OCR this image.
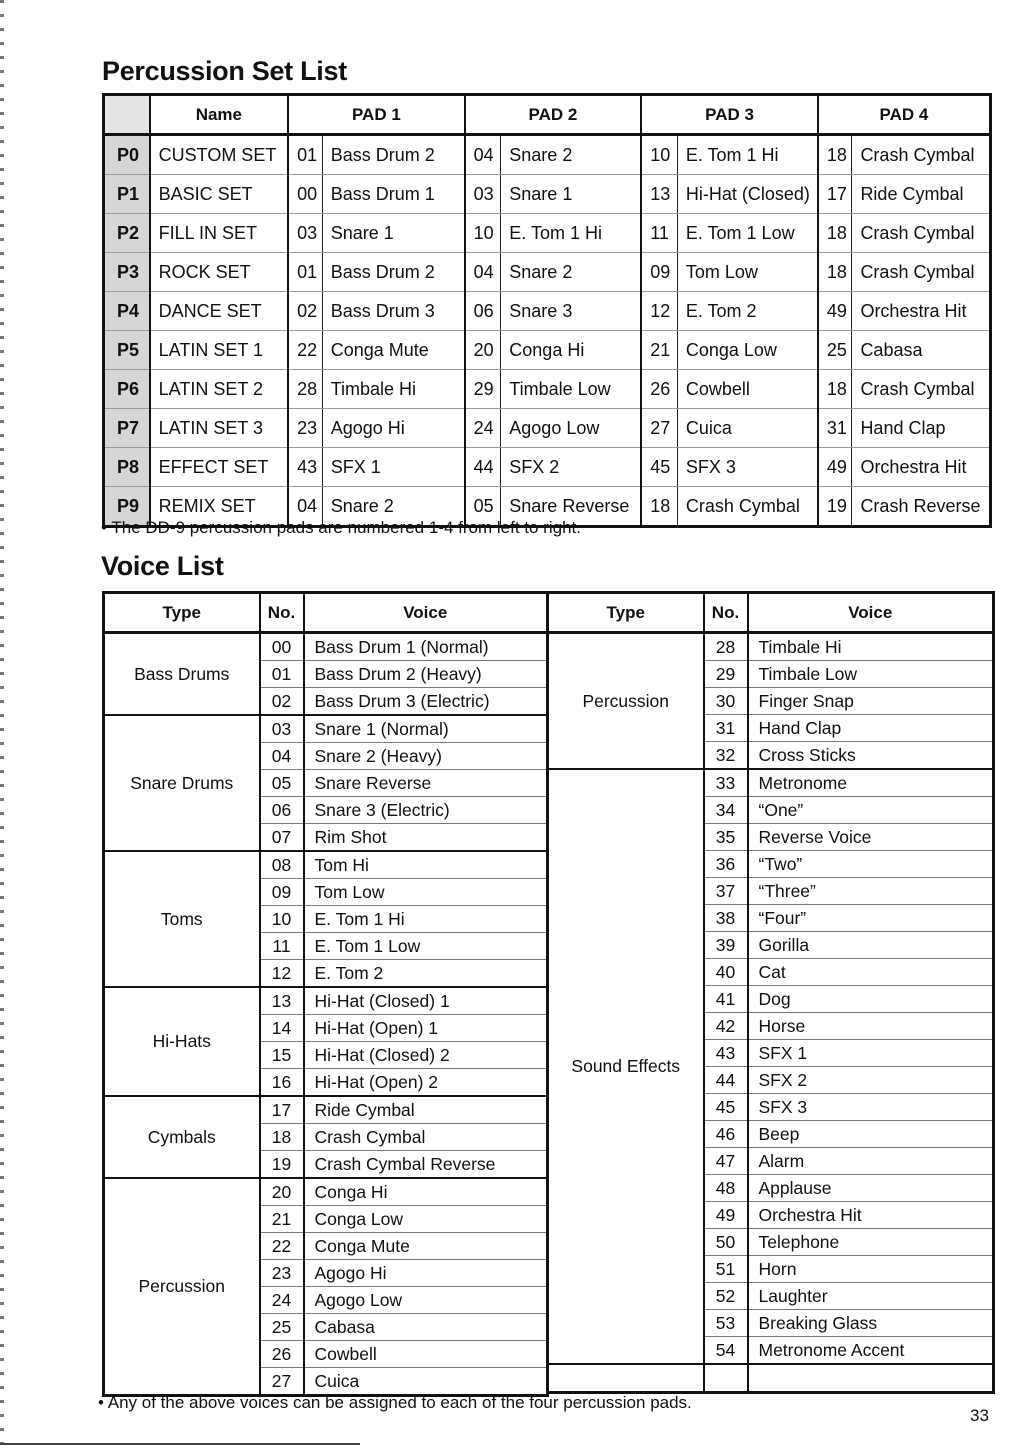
Percussion Set List
	Name	PAD 1		PAD 2		PAD 3		PAD 4	
P0	CUSTOM SET	01	Bass Drum 2	04	Snare 2	10	E. Tom 1 Hi	18	Crash Cymbal
P1	BASIC SET	00	Bass Drum 1	03	Snare 1	13	Hi-Hat (Closed)	17	Ride Cymbal
P2	FILL IN SET	03	Snare 1	10	E. Tom 1 Hi	11	E. Tom 1 Low	18	Crash Cymbal
P3	ROCK SET	01	Bass Drum 2	04	Snare 2	09	Tom Low	18	Crash Cymbal
P4	DANCE SET	02	Bass Drum 3	06	Snare 3	12	E. Tom 2	49	Orchestra Hit
P5	LATIN SET 1	22	Conga Mute	20	Conga Hi	21	Conga Low	25	Cabasa
P6	LATIN SET 2	28	Timbale Hi	29	Timbale Low	26	Cowbell	18	Crash Cymbal
P7	LATIN SET 3	23	Agogo Hi	24	Agogo Low	27	Cuica	31	Hand Clap
P8	EFFECT SET	43	SFX 1	44	SFX 2	45	SFX 3	49	Orchestra Hit
P9	REMIX SET	04	Snare 2	05	Snare Reverse	18	Crash Cymbal	19	Crash Reverse
• The DD-9 percussion pads are numbered 1-4 from left to right.
Voice List
Type	No.	Voice
Bass Drums	00	Bass Drum 1 (Normal)
	01	Bass Drum 2 (Heavy)
	02	Bass Drum 3 (Electric)
Snare Drums	03	Snare 1 (Normal)
	04	Snare 2 (Heavy)
	05	Snare Reverse
	06	Snare 3 (Electric)
	07	Rim Shot
Toms	08	Tom Hi
	09	Tom Low
	10	E. Tom 1 Hi
	11	E. Tom 1 Low
	12	E. Tom 2
Hi-Hats	13	Hi-Hat (Closed) 1
	14	Hi-Hat (Open) 1
	15	Hi-Hat (Closed) 2
	16	Hi-Hat (Open) 2
Cymbals	17	Ride Cymbal
	18	Crash Cymbal
	19	Crash Cymbal Reverse
Percussion	20	Conga Hi
	21	Conga Low
	22	Conga Mute
	23	Agogo Hi
	24	Agogo Low
	25	Cabasa
	26	Cowbell
	27	Cuica
Type	No.	Voice
Percussion	28	Timbale Hi
	29	Timbale Low
	30	Finger Snap
	31	Hand Clap
	32	Cross Sticks
Sound Effects	33	Metronome
	34	“One”
	35	Reverse Voice
	36	“Two”
	37	“Three”
	38	“Four”
	39	Gorilla
	40	Cat
	41	Dog
	42	Horse
	43	SFX 1
	44	SFX 2
	45	SFX 3
	46	Beep
	47	Alarm
	48	Applause
	49	Orchestra Hit
	50	Telephone
	51	Horn
	52	Laughter
	53	Breaking Glass
	54	Metronome Accent

• Any of the above voices can be assigned to each of the four percussion pads.
33
